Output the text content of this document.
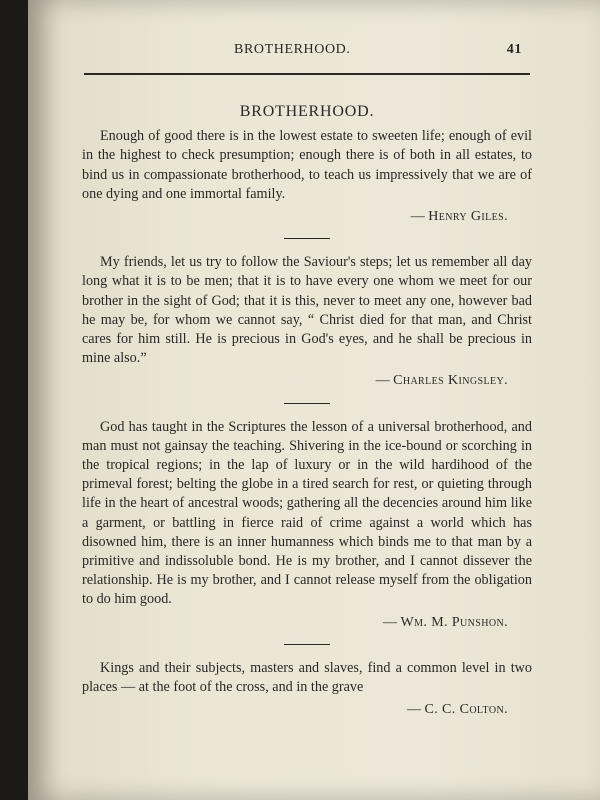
BROTHERHOOD.	41
BROTHERHOOD.

Enough of good there is in the lowest estate to sweeten life; enough of evil in the highest to check presumption; enough there is of both in all estates, to bind us in compassionate brotherhood, to teach us impressively that we are of one dying and one immortal family.

— Henry Giles.

My friends, let us try to follow the Saviour's steps; let us remember all day long what it is to be men; that it is to have every one whom we meet for our brother in the sight of God; that it is this, never to meet any one, however bad he may be, for whom we cannot say, “ Christ died for that man, and Christ cares for him still. He is precious in God's eyes, and he shall be precious in mine also.”

— Charles Kingsley.

God has taught in the Scriptures the lesson of a universal brotherhood, and man must not gainsay the teaching. Shivering in the ice-bound or scorching in the tropical regions; in the lap of luxury or in the wild hardihood of the primeval forest; belting the globe in a tired search for rest, or quieting through life in the heart of ancestral woods; gathering all the decencies around him like a garment, or battling in fierce raid of crime against a world which has disowned him, there is an inner humanness which binds me to that man by a primitive and indissoluble bond. He is my brother, and I cannot dissever the relationship. He is my brother, and I cannot release myself from the obligation to do him good.

— Wm. M. Punshon.

Kings and their subjects, masters and slaves, find a common level in two places — at the foot of the cross, and in the grave

— C. C. Colton.
